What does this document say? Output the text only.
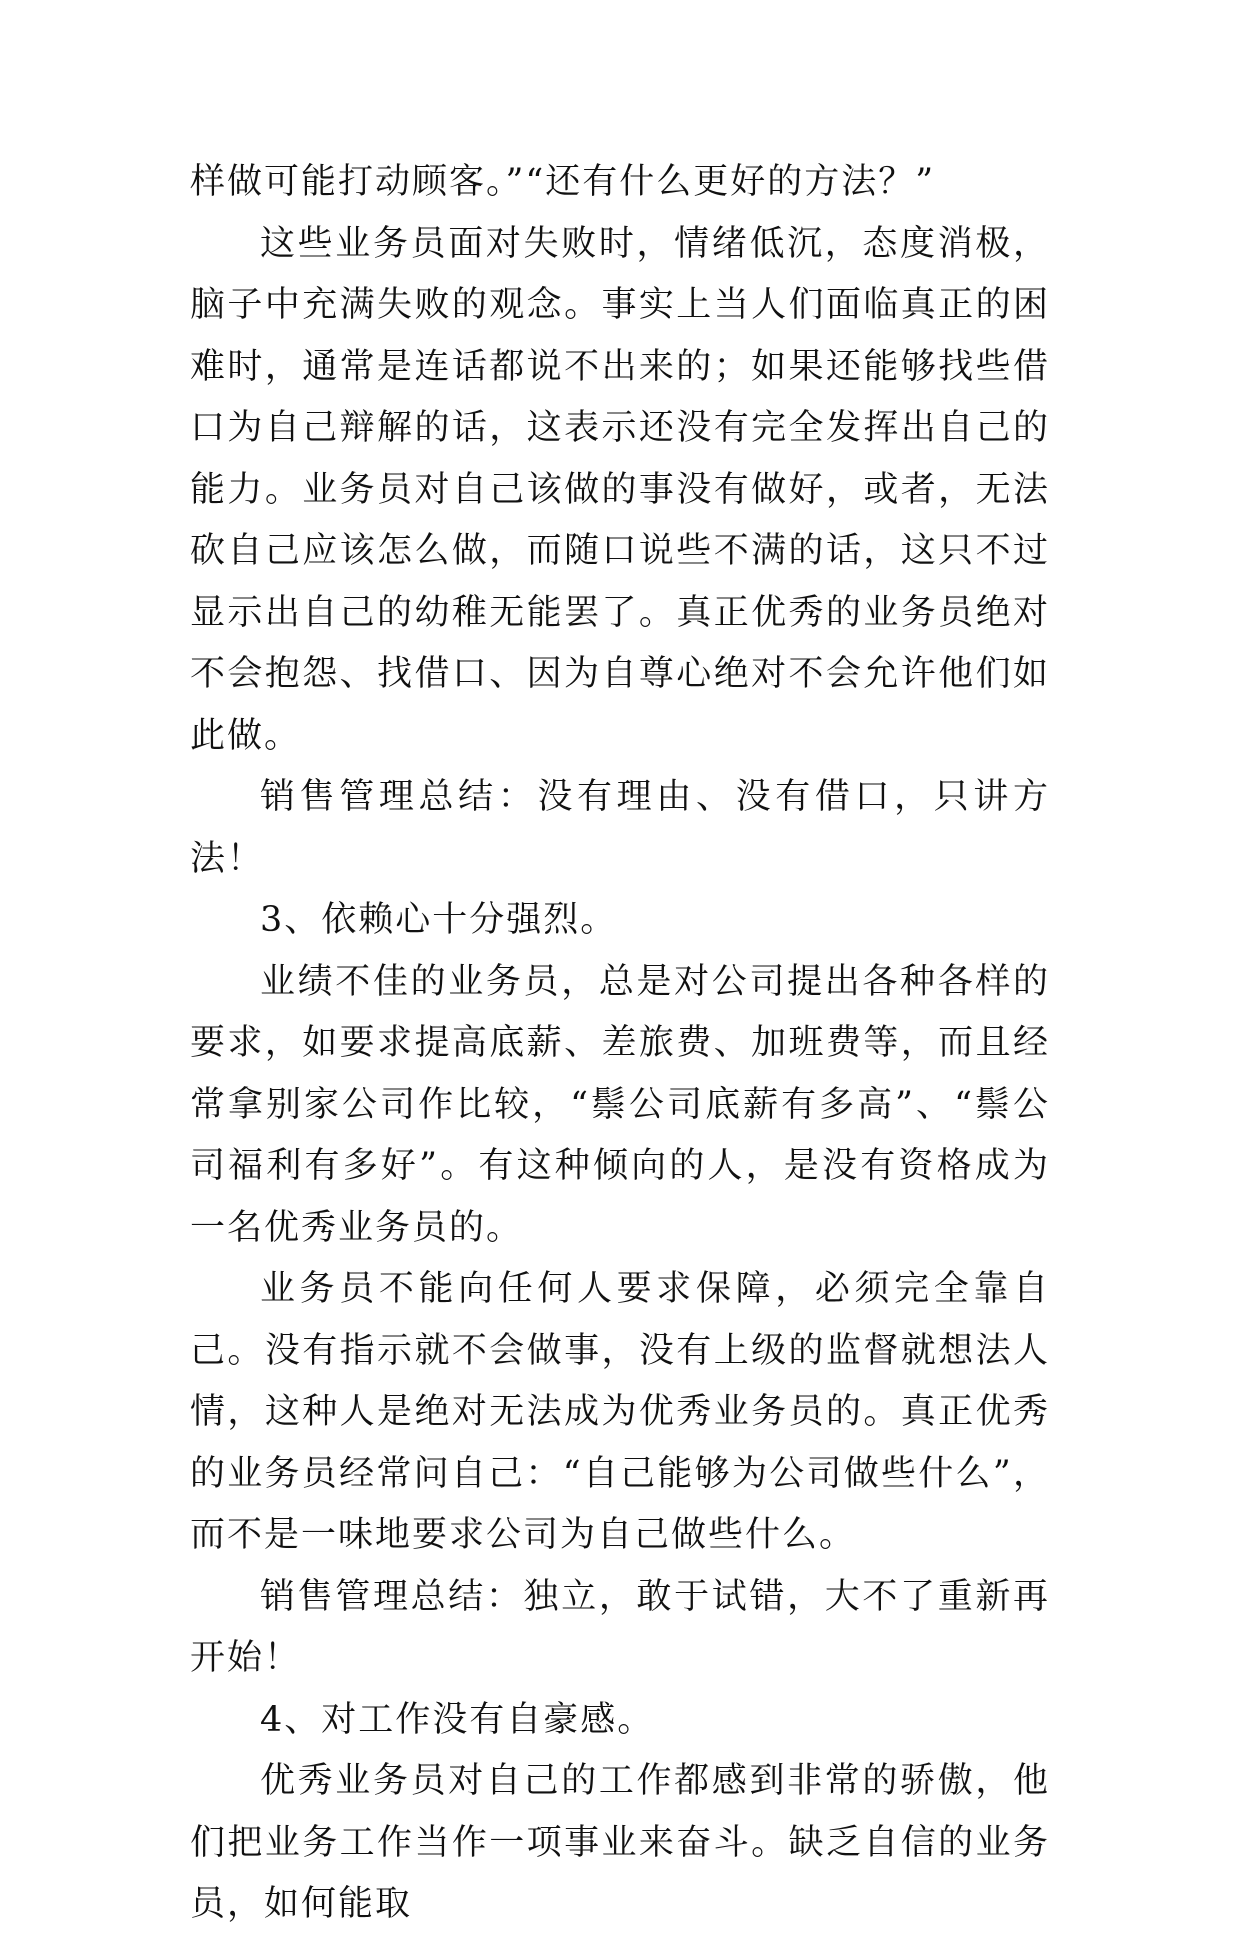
样做可能打动顾客。”“还有什么更好的方法？”

这些业务员面对失败时，情绪低沉，态度消极，脑子中充满失败的观念。事实上当人们面临真正的困难时，通常是连话都说不出来的；如果还能够找些借口为自己辩解的话，这表示还没有完全发挥出自己的能力。业务员对自己该做的事没有做好，或者，无法砍自己应该怎么做，而随口说些不满的话，这只不过显示出自己的幼稚无能罢了。真正优秀的业务员绝对不会抱怨、找借口、因为自尊心绝对不会允许他们如此做。

销售管理总结：没有理由、没有借口，只讲方法！

3、依赖心十分强烈。

业绩不佳的业务员，总是对公司提出各种各样的要求，如要求提高底薪、差旅费、加班费等，而且经常拿别家公司作比较，“鬃公司底薪有多高”、“鬃公司福利有多好”。有这种倾向的人，是没有资格成为一名优秀业务员的。

业务员不能向任何人要求保障，必须完全靠自己。没有指示就不会做事，没有上级的监督就想法人情，这种人是绝对无法成为优秀业务员的。真正优秀的业务员经常问自己：“自己能够为公司做些什么”，而不是一味地要求公司为自己做些什么。

销售管理总结：独立，敢于试错，大不了重新再开始！

4、对工作没有自豪感。

优秀业务员对自己的工作都感到非常的骄傲，他们把业务工作当作一项事业来奋斗。缺乏自信的业务员，如何能取
